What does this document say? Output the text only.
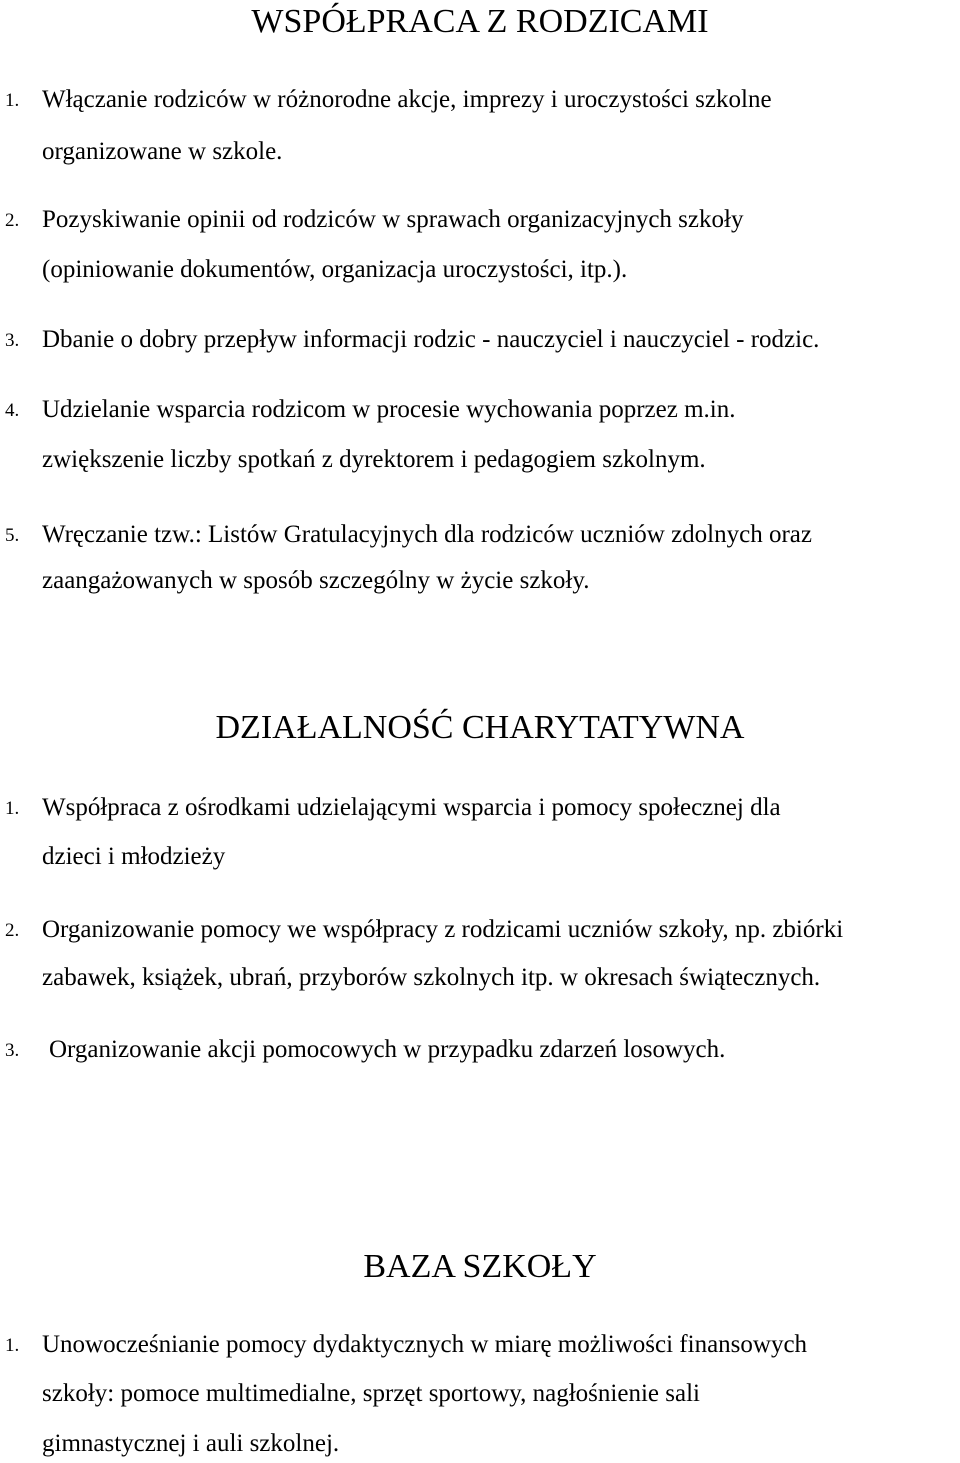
WSPÓŁPRACA Z RODZICAMI
1. Włączanie rodziców w różnorodne akcje, imprezy i uroczystości szkolne
organizowane w szkole.
2. Pozyskiwanie opinii od rodziców w sprawach organizacyjnych szkoły
(opiniowanie dokumentów, organizacja uroczystości, itp.).
3. Dbanie o dobry przepływ informacji rodzic - nauczyciel i nauczyciel - rodzic.
4. Udzielanie wsparcia rodzicom w procesie wychowania poprzez m.in.
zwiększenie liczby spotkań z dyrektorem i pedagogiem szkolnym.
5. Wręczanie tzw.: Listów Gratulacyjnych dla rodziców uczniów zdolnych oraz
zaangażowanych w sposób szczególny w życie szkoły.
DZIAŁALNOŚĆ CHARYTATYWNA
1. Współpraca z ośrodkami udzielającymi wsparcia i pomocy społecznej dla
dzieci i młodzieży
2. Organizowanie pomocy we współpracy z rodzicami uczniów szkoły, np. zbiórki
zabawek, książek, ubrań, przyborów szkolnych itp. w okresach świątecznych.
3. Organizowanie akcji pomocowych w przypadku zdarzeń losowych.
BAZA SZKOŁY
1. Unowocześnianie pomocy dydaktycznych w miarę możliwości finansowych
szkoły: pomoce multimedialne, sprzęt sportowy, nagłośnienie sali
gimnastycznej i auli szkolnej.
